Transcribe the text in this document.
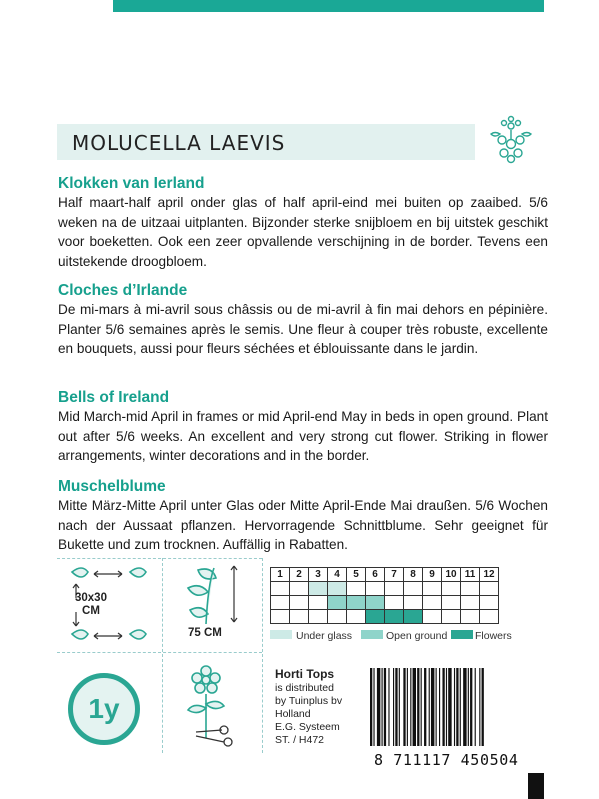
MOLUCELLA LAEVIS
Klokken van Ierland
Half maart-half april onder glas of half april-eind mei buiten op zaaibed. 5/6 weken na de uitzaai uitplanten. Bijzonder sterke snijbloem en bij uitstek geschikt voor boeketten. Ook een zeer opvallende verschijning in de border. Tevens een uitstekende droogbloem.
Cloches d’Irlande
De mi-mars à mi-avril sous châssis ou de mi-avril à fin mai dehors en pépinière. Planter 5/6 semaines après le semis. Une fleur à couper très robuste, excellente en bouquets, aussi pour fleurs séchées et éblouissante dans le jardin.
Bells of Ireland
Mid March-mid April in frames or mid April-end May in beds in open ground. Plant out after 5/6 weeks. An excellent and very strong cut flower. Striking in flower arrangements, winter decorations and in the border.
Muschelblume
Mitte März-Mitte April unter Glas oder Mitte April-Ende Mai draußen. 5/6 Wochen nach der Aussaat pflanzen. Hervorragende Schnittblume. Sehr geeignet für Bukette und zum trocknen. Auffällig in Rabatten.
30x30
CM
75 CM
1y
1	2	3	4	5	6	7	8	9	10	11	12

Under glass	Open ground	Flowers
Horti Tops
is distributed
by Tuinplus bv
Holland
E.G. Systeem
ST. / H472
8 711117 450504
